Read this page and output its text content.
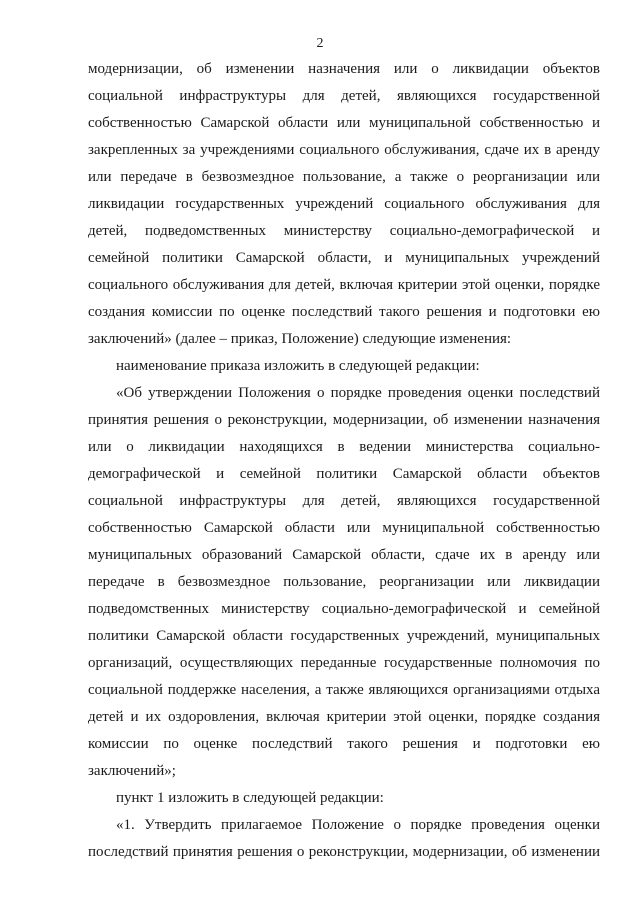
2
модернизации, об изменении назначения или о ликвидации объектов
социальной инфраструктуры для детей, являющихся государственной
собственностью Самарской области или муниципальной собственностью и
закрепленных за учреждениями социального обслуживания, сдаче их в аренду
или передаче в безвозмездное пользование, а также о реорганизации или
ликвидации государственных учреждений социального обслуживания для
детей, подведомственных министерству социально-демографической и
семейной политики Самарской области, и муниципальных учреждений
социального обслуживания для детей, включая критерии этой оценки, порядке
создания комиссии по оценке последствий такого решения и подготовки ею
заключений» (далее – приказ, Положение) следующие изменения:
наименование приказа изложить в следующей редакции:
«Об утверждении Положения о порядке проведения оценки последствий
принятия решения о реконструкции, модернизации, об изменении назначения
или о ликвидации находящихся в ведении министерства социально-
демографической и семейной политики Самарской области объектов
социальной инфраструктуры для детей, являющихся государственной
собственностью Самарской области или муниципальной собственностью
муниципальных образований Самарской области, сдаче их в аренду или
передаче в безвозмездное пользование, реорганизации или ликвидации
подведомственных министерству социально-демографической и семейной
политики Самарской области государственных учреждений, муниципальных
организаций, осуществляющих переданные государственные полномочия по
социальной поддержке населения, а также являющихся организациями отдыха
детей и их оздоровления, включая критерии этой оценки, порядке создания
комиссии по оценке последствий такого решения и подготовки ею
заключений»;
пункт 1 изложить в следующей редакции:
«1. Утвердить прилагаемое Положение о порядке проведения оценки
последствий принятия решения о реконструкции, модернизации, об изменении
